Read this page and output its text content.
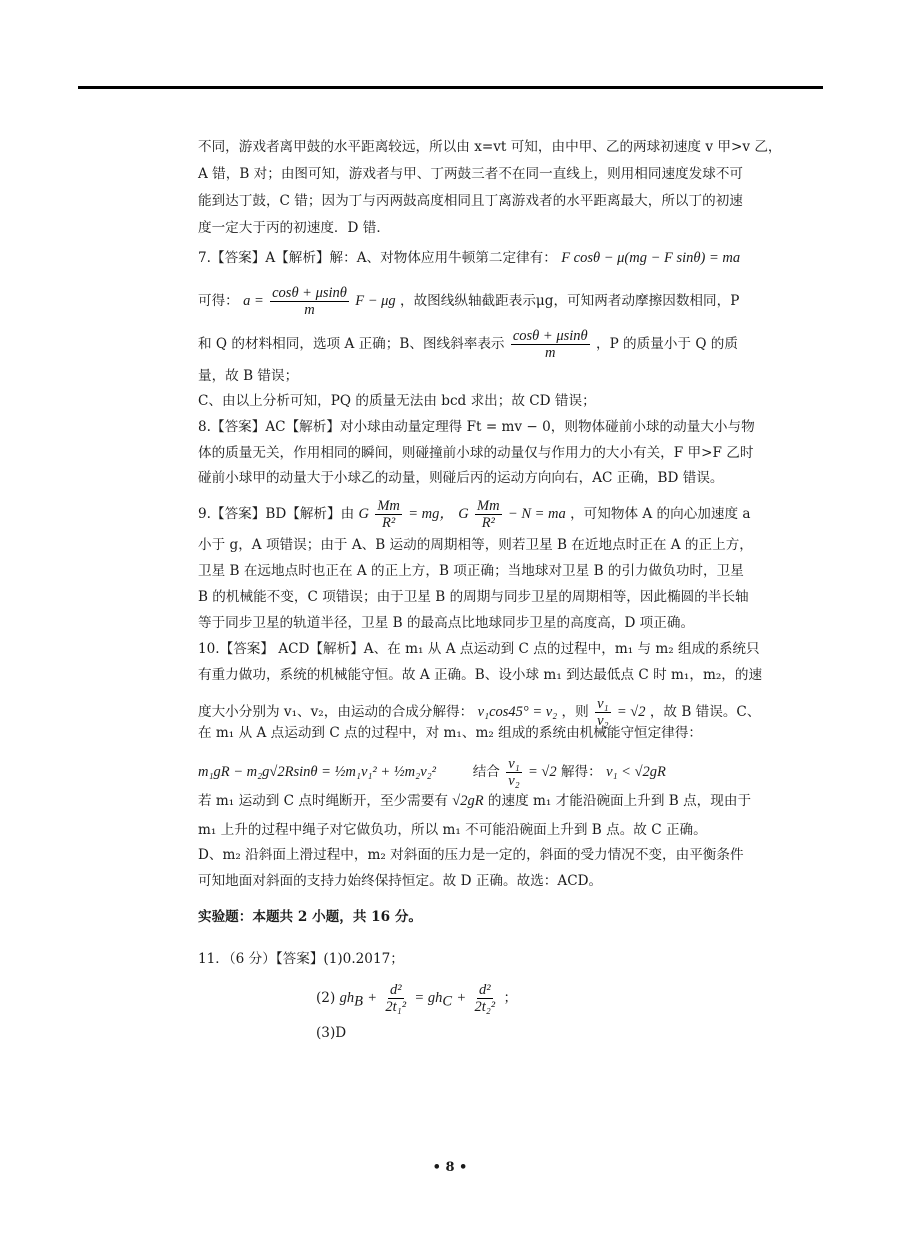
不同，游戏者离甲鼓的水平距离较远，所以由 x=vt 可知，由中甲、乙的两球初速度 v 甲>v 乙，
A 错，B 对；由图可知，游戏者与甲、丁两鼓三者不在同一直线上，则用相同速度发球不可
能到达丁鼓，C 错；因为丁与丙两鼓高度相同且丁离游戏者的水平距离最大，所以丁的初速
度一定大于丙的初速度．D 错．
7.【答案】A【解析】解：A、对物体应用牛顿第二定律有： F cosθ − μ(mg − F sinθ) = ma
可得： $a = \frac{\cos\theta + \mu\sin\theta}{m}$ F − μg ，故图线纵轴截距表示μg，可知两者动摩擦因数相同，P
和 Q 的材料相同，选项 A 正确；B、图线斜率表示 $\frac{\cos\theta + \mu\sin\theta}{m}$ ，P 的质量小于 Q 的质
量，故 B 错误；
C、由以上分析可知，PQ 的质量无法由 bcd 求出；故 CD 错误；
8.【答案】AC【解析】对小球由动量定理得 Ft = mv − 0，则物体碰前小球的动量大小与物
体的质量无关，作用相同的瞬间，则碰撞前小球的动量仅与作用力的大小有关，F 甲>F 乙时
碰前小球甲的动量大于小球乙的动量，则碰后丙的运动方向向右，AC 正确，BD 错误。
9.【答案】BD【解析】由 G $\frac{Mm}{\text{R²}}$ = mg， G $\frac{Mm}{\text{R²}} - N$ = ma ，可知物体 A 的向心加速度 a
小于 g，A 项错误；由于 A、B 运动的周期相等，则若卫星 B 在近地点时正在 A 的正上方，
卫星 B 在远地点时也正在 A 的正上方，B 项正确；当地球对卫星 B 的引力做负功时，卫星
B 的机械能不变，C 项错误；由于卫星 B 的周期与同步卫星的周期相等，因此椭圆的半长轴
等于同步卫星的轨道半径，卫星 B 的最高点比地球同步卫星的高度高，D 项正确。
10.【答案】 ACD【解析】A、在 m₁ 从 A 点运动到 C 点的过程中，m₁ 与 m₂ 组成的系统只
有重力做功，系统的机械能守恒。故 A 正确。B、设小球 m₁ 到达最低点 C 时 m₁，m₂，的速
度大小分别为 v₁、v₂，由运动的合成分解得： v₁cos45° = v₂ ，则 $\frac{\text{v₁}}{\text{v₂}} = √2$ ，故 B 错误。C、
在 m₁ 从 A 点运动到 C 点的过程中，对 m₁、m₂ 组成的系统由机械能守恒定律得：
m₁gR − m₂g√2Rsinθ = ½m₁v₁² + ½m₂v₂²	结合 $\frac{\text{v₁}}{\text{v₂}} = √2$ 解得： v₁ < √2gR
若 m₁ 运动到 C 点时绳断开，至少需要有 √2gR 的速度 m₁ 才能沿碗面上升到 B 点，现由于
m₁ 上升的过程中绳子对它做负功，所以 m₁ 不可能沿碗面上升到 B 点。故 C 正确。
D、m₂ 沿斜面上滑过程中，m₂ 对斜面的压力是一定的，斜面的受力情况不变，由平衡条件
可知地面对斜面的支持力始终保持恒定。故 D 正确。故选：ACD。
实验题：本题共 2 小题，共 16 分。
11．（6 分）【答案】(1)0.2017；
(2) $gh_B + \frac{\text{d²}}{\text{2t₁²}} = gh_C + \frac{\text{d²}}{\text{2t₂²}}$ ；
(3)D
• 8 •
